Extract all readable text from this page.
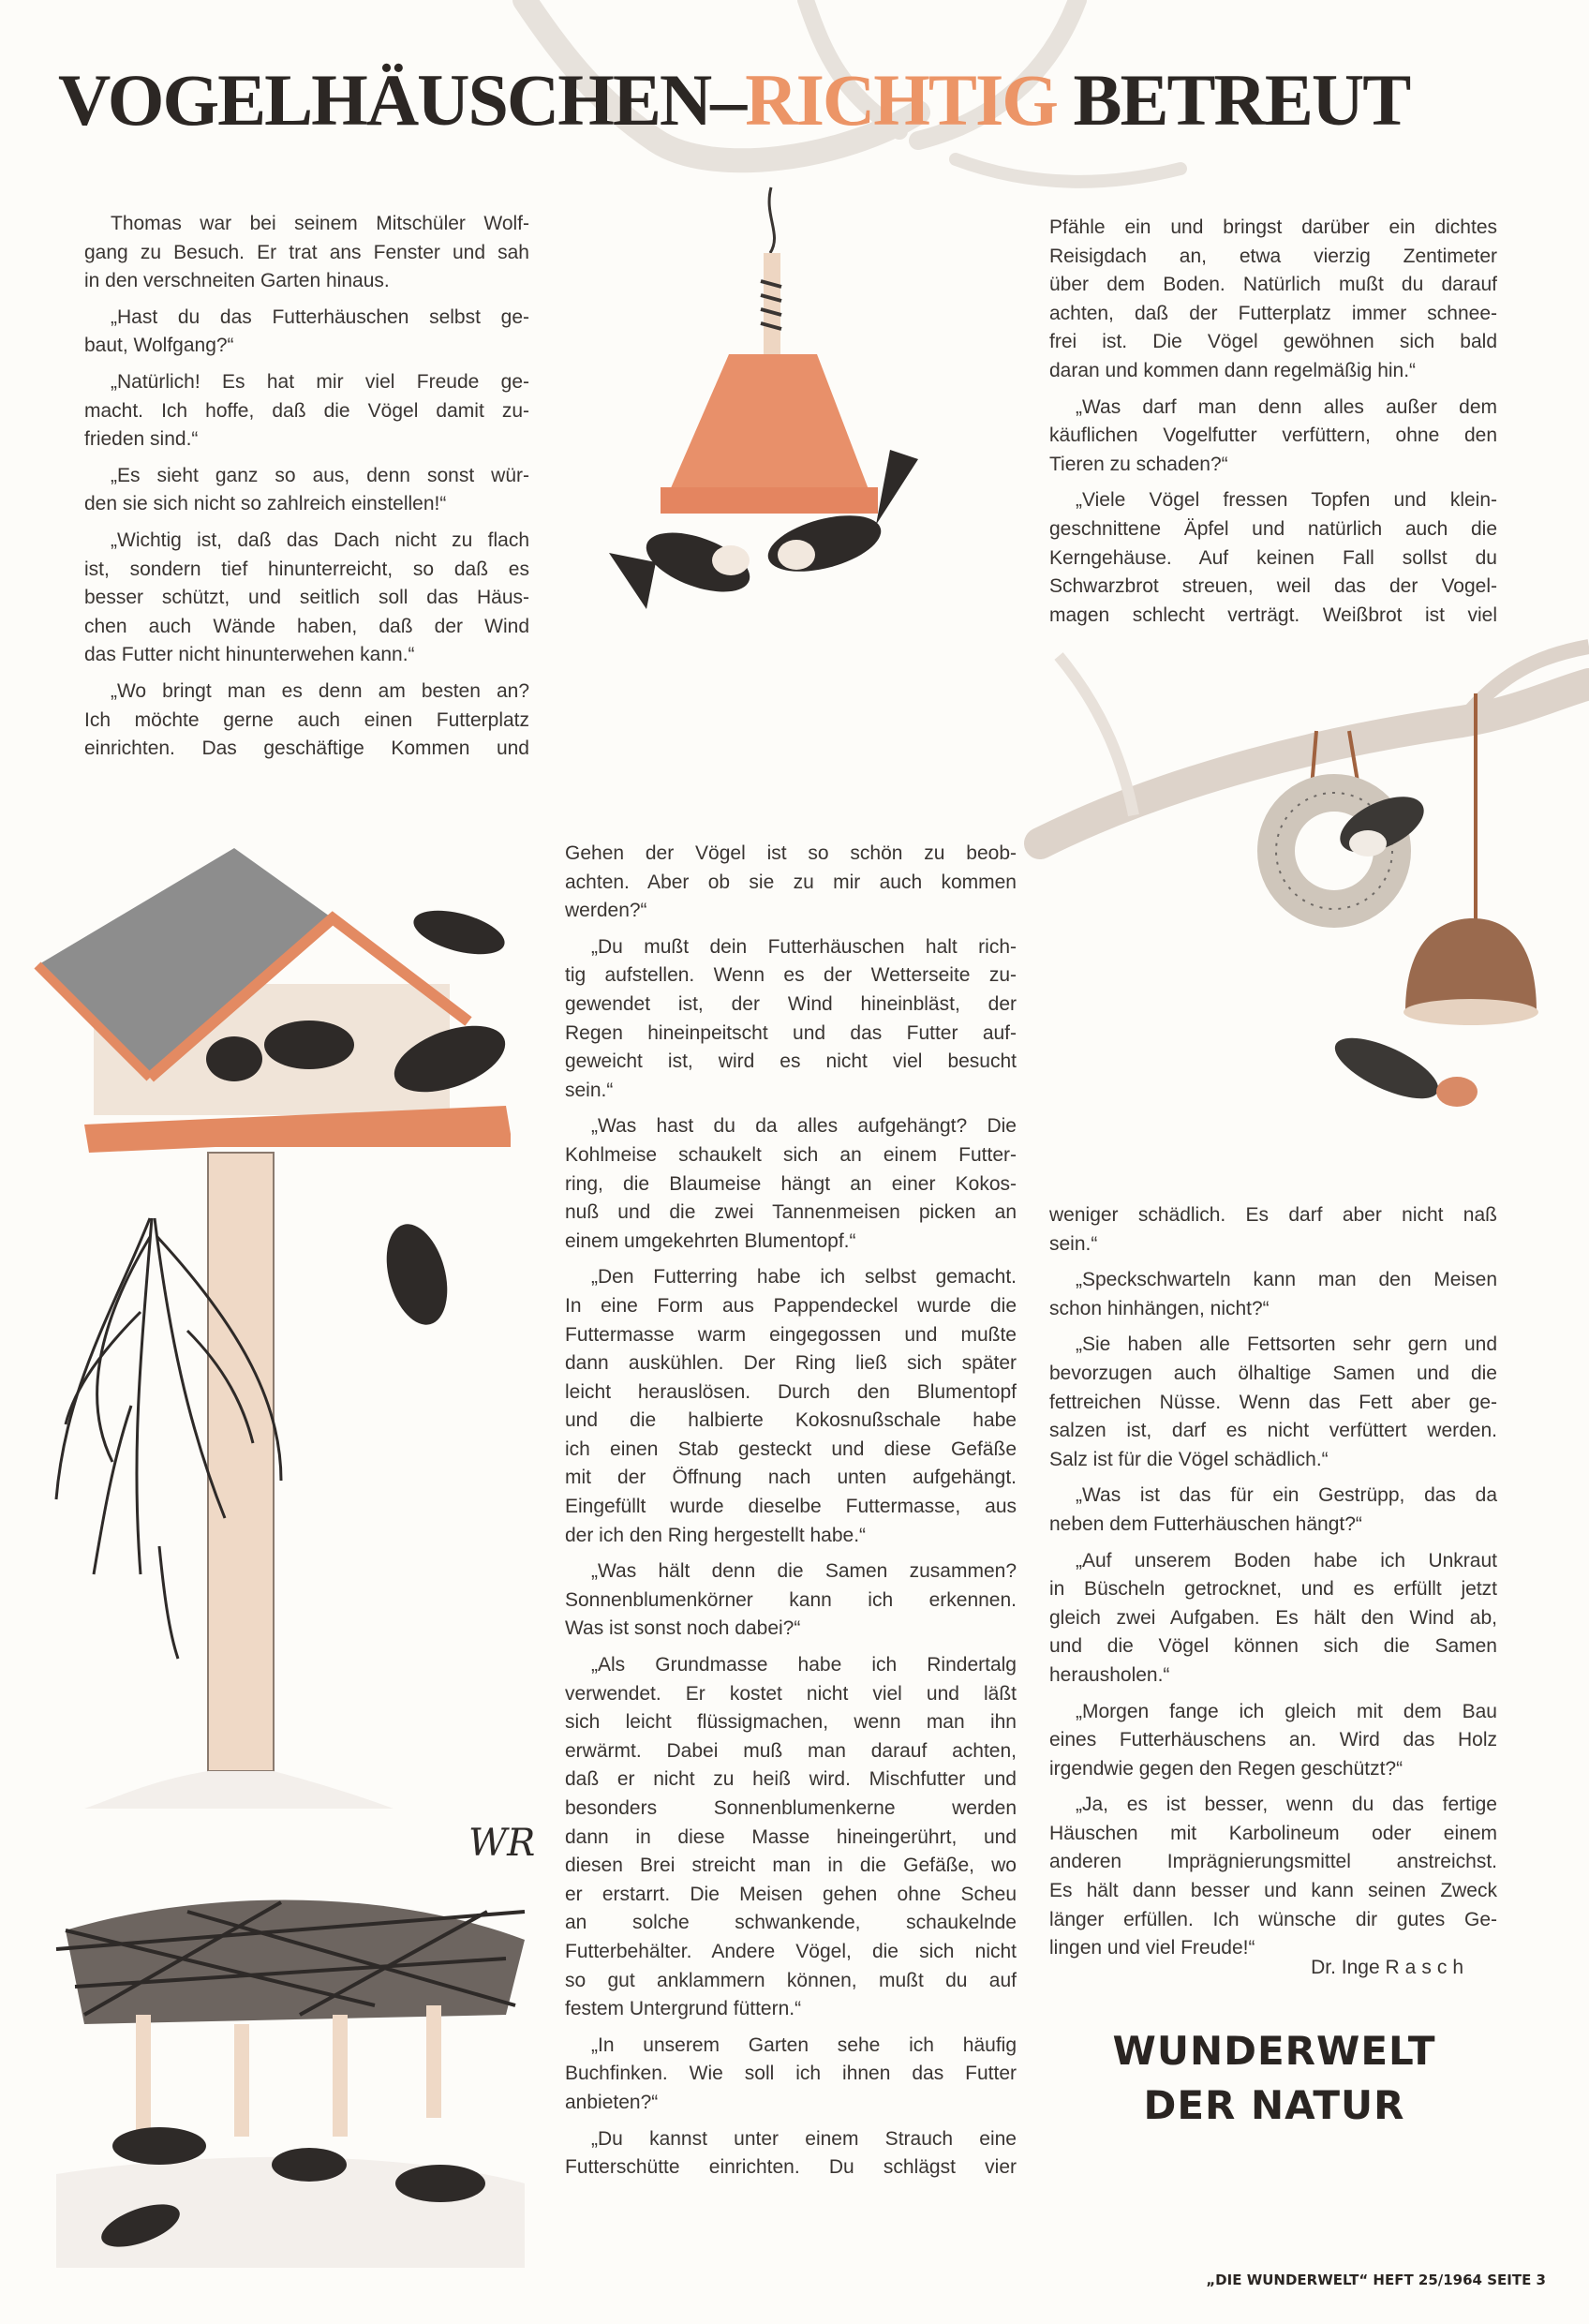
WR
VOGELHÄUSCHEN–RICHTIG BETREUT
Thomas war bei seinem Mitschüler Wolf-
gang zu Besuch. Er trat ans Fenster und sah
in den verschneiten Garten hinaus.
„Hast du das Futterhäuschen selbst ge-
baut, Wolfgang?“
„Natürlich! Es hat mir viel Freude ge-
macht. Ich hoffe, daß die Vögel damit zu-
frieden sind.“
„Es sieht ganz so aus, denn sonst wür-
den sie sich nicht so zahlreich einstellen!“
„Wichtig ist, daß das Dach nicht zu flach
ist, sondern tief hinunterreicht, so daß es
besser schützt, und seitlich soll das Häus-
chen auch Wände haben, daß der Wind
das Futter nicht hinunterwehen kann.“
„Wo bringt man es denn am besten an?
Ich möchte gerne auch einen Futterplatz
einrichten. Das geschäftige Kommen und
Gehen der Vögel ist so schön zu beob-
achten. Aber ob sie zu mir auch kommen
werden?“
„Du mußt dein Futterhäuschen halt rich-
tig aufstellen. Wenn es der Wetterseite zu-
gewendet ist, der Wind hineinbläst, der
Regen hineinpeitscht und das Futter auf-
geweicht ist, wird es nicht viel besucht
sein.“
„Was hast du da alles aufgehängt? Die
Kohlmeise schaukelt sich an einem Futter-
ring, die Blaumeise hängt an einer Kokos-
nuß und die zwei Tannenmeisen picken an
einem umgekehrten Blumentopf.“
„Den Futterring habe ich selbst gemacht.
In eine Form aus Pappendeckel wurde die
Futtermasse warm eingegossen und mußte
dann auskühlen. Der Ring ließ sich später
leicht herauslösen. Durch den Blumentopf
und die halbierte Kokosnußschale habe
ich einen Stab gesteckt und diese Gefäße
mit der Öffnung nach unten aufgehängt.
Eingefüllt wurde dieselbe Futtermasse, aus
der ich den Ring hergestellt habe.“
„Was hält denn die Samen zusammen?
Sonnenblumenkörner kann ich erkennen.
Was ist sonst noch dabei?“
„Als Grundmasse habe ich Rindertalg
verwendet. Er kostet nicht viel und läßt
sich leicht flüssigmachen, wenn man ihn
erwärmt. Dabei muß man darauf achten,
daß er nicht zu heiß wird. Mischfutter und
besonders Sonnenblumenkerne werden
dann in diese Masse hineingerührt, und
diesen Brei streicht man in die Gefäße, wo
er erstarrt. Die Meisen gehen ohne Scheu
an solche schwankende, schaukelnde
Futterbehälter. Andere Vögel, die sich nicht
so gut anklammern können, mußt du auf
festem Untergrund füttern.“
„In unserem Garten sehe ich häufig
Buchfinken. Wie soll ich ihnen das Futter
anbieten?“
„Du kannst unter einem Strauch eine
Futterschütte einrichten. Du schlägst vier
Pfähle ein und bringst darüber ein dichtes
Reisigdach an, etwa vierzig Zentimeter
über dem Boden. Natürlich mußt du darauf
achten, daß der Futterplatz immer schnee-
frei ist. Die Vögel gewöhnen sich bald
daran und kommen dann regelmäßig hin.“
„Was darf man denn alles außer dem
käuflichen Vogelfutter verfüttern, ohne den
Tieren zu schaden?“
„Viele Vögel fressen Topfen und klein-
geschnittene Äpfel und natürlich auch die
Kerngehäuse. Auf keinen Fall sollst du
Schwarzbrot streuen, weil das der Vogel-
magen schlecht verträgt. Weißbrot ist viel
weniger schädlich. Es darf aber nicht naß
sein.“
„Speckschwarteln kann man den Meisen
schon hinhängen, nicht?“
„Sie haben alle Fettsorten sehr gern und
bevorzugen auch ölhaltige Samen und die
fettreichen Nüsse. Wenn das Fett aber ge-
salzen ist, darf es nicht verfüttert werden.
Salz ist für die Vögel schädlich.“
„Was ist das für ein Gestrüpp, das da
neben dem Futterhäuschen hängt?“
„Auf unserem Boden habe ich Unkraut
in Büscheln getrocknet, und es erfüllt jetzt
gleich zwei Aufgaben. Es hält den Wind ab,
und die Vögel können sich die Samen
herausholen.“
„Morgen fange ich gleich mit dem Bau
eines Futterhäuschens an. Wird das Holz
irgendwie gegen den Regen geschützt?“
„Ja, es ist besser, wenn du das fertige
Häuschen mit Karbolineum oder einem
anderen Imprägnierungsmittel anstreichst.
Es hält dann besser und kann seinen Zweck
länger erfüllen. Ich wünsche dir gutes Ge-
lingen und viel Freude!“
Dr. Inge Rasch
WUNDERWELT
DER NATUR
„DIE WUNDERWELT“ HEFT 25/1964 SEITE 3
